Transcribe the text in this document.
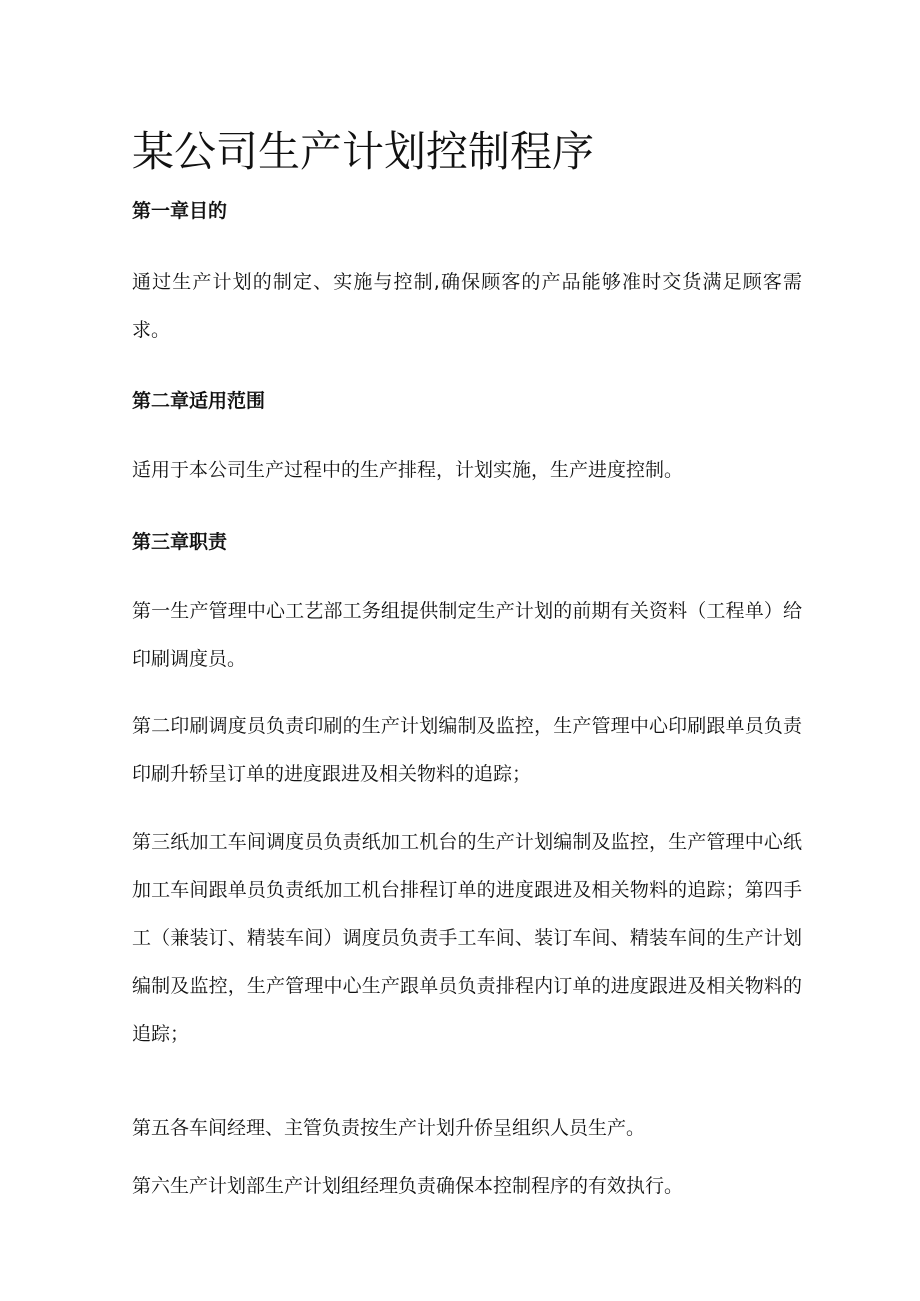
某公司生产计划控制程序
第一章目的

通过生产计划的制定、实施与控制,确保顾客的产品能够准时交货满足顾客需求。

第二章适用范围

适用于本公司生产过程中的生产排程，计划实施，生产进度控制。

第三章职责

第一生产管理中心工艺部工务组提供制定生产计划的前期有关资料（工程单）给印刷调度员。

第二印刷调度员负责印刷的生产计划编制及监控，生产管理中心印刷跟单员负责印刷升轿呈订单的进度跟进及相关物料的追踪；

第三纸加工车间调度员负责纸加工机台的生产计划编制及监控，生产管理中心纸加工车间跟单员负责纸加工机台排程订单的进度跟进及相关物料的追踪；第四手工（兼装订、精装车间）调度员负责手工车间、装订车间、精装车间的生产计划编制及监控，生产管理中心生产跟单员负责排程内订单的进度跟进及相关物料的追踪；

第五各车间经理、主管负责按生产计划升侨呈组织人员生产。

第六生产计划部生产计划组经理负责确保本控制程序的有效执行。
